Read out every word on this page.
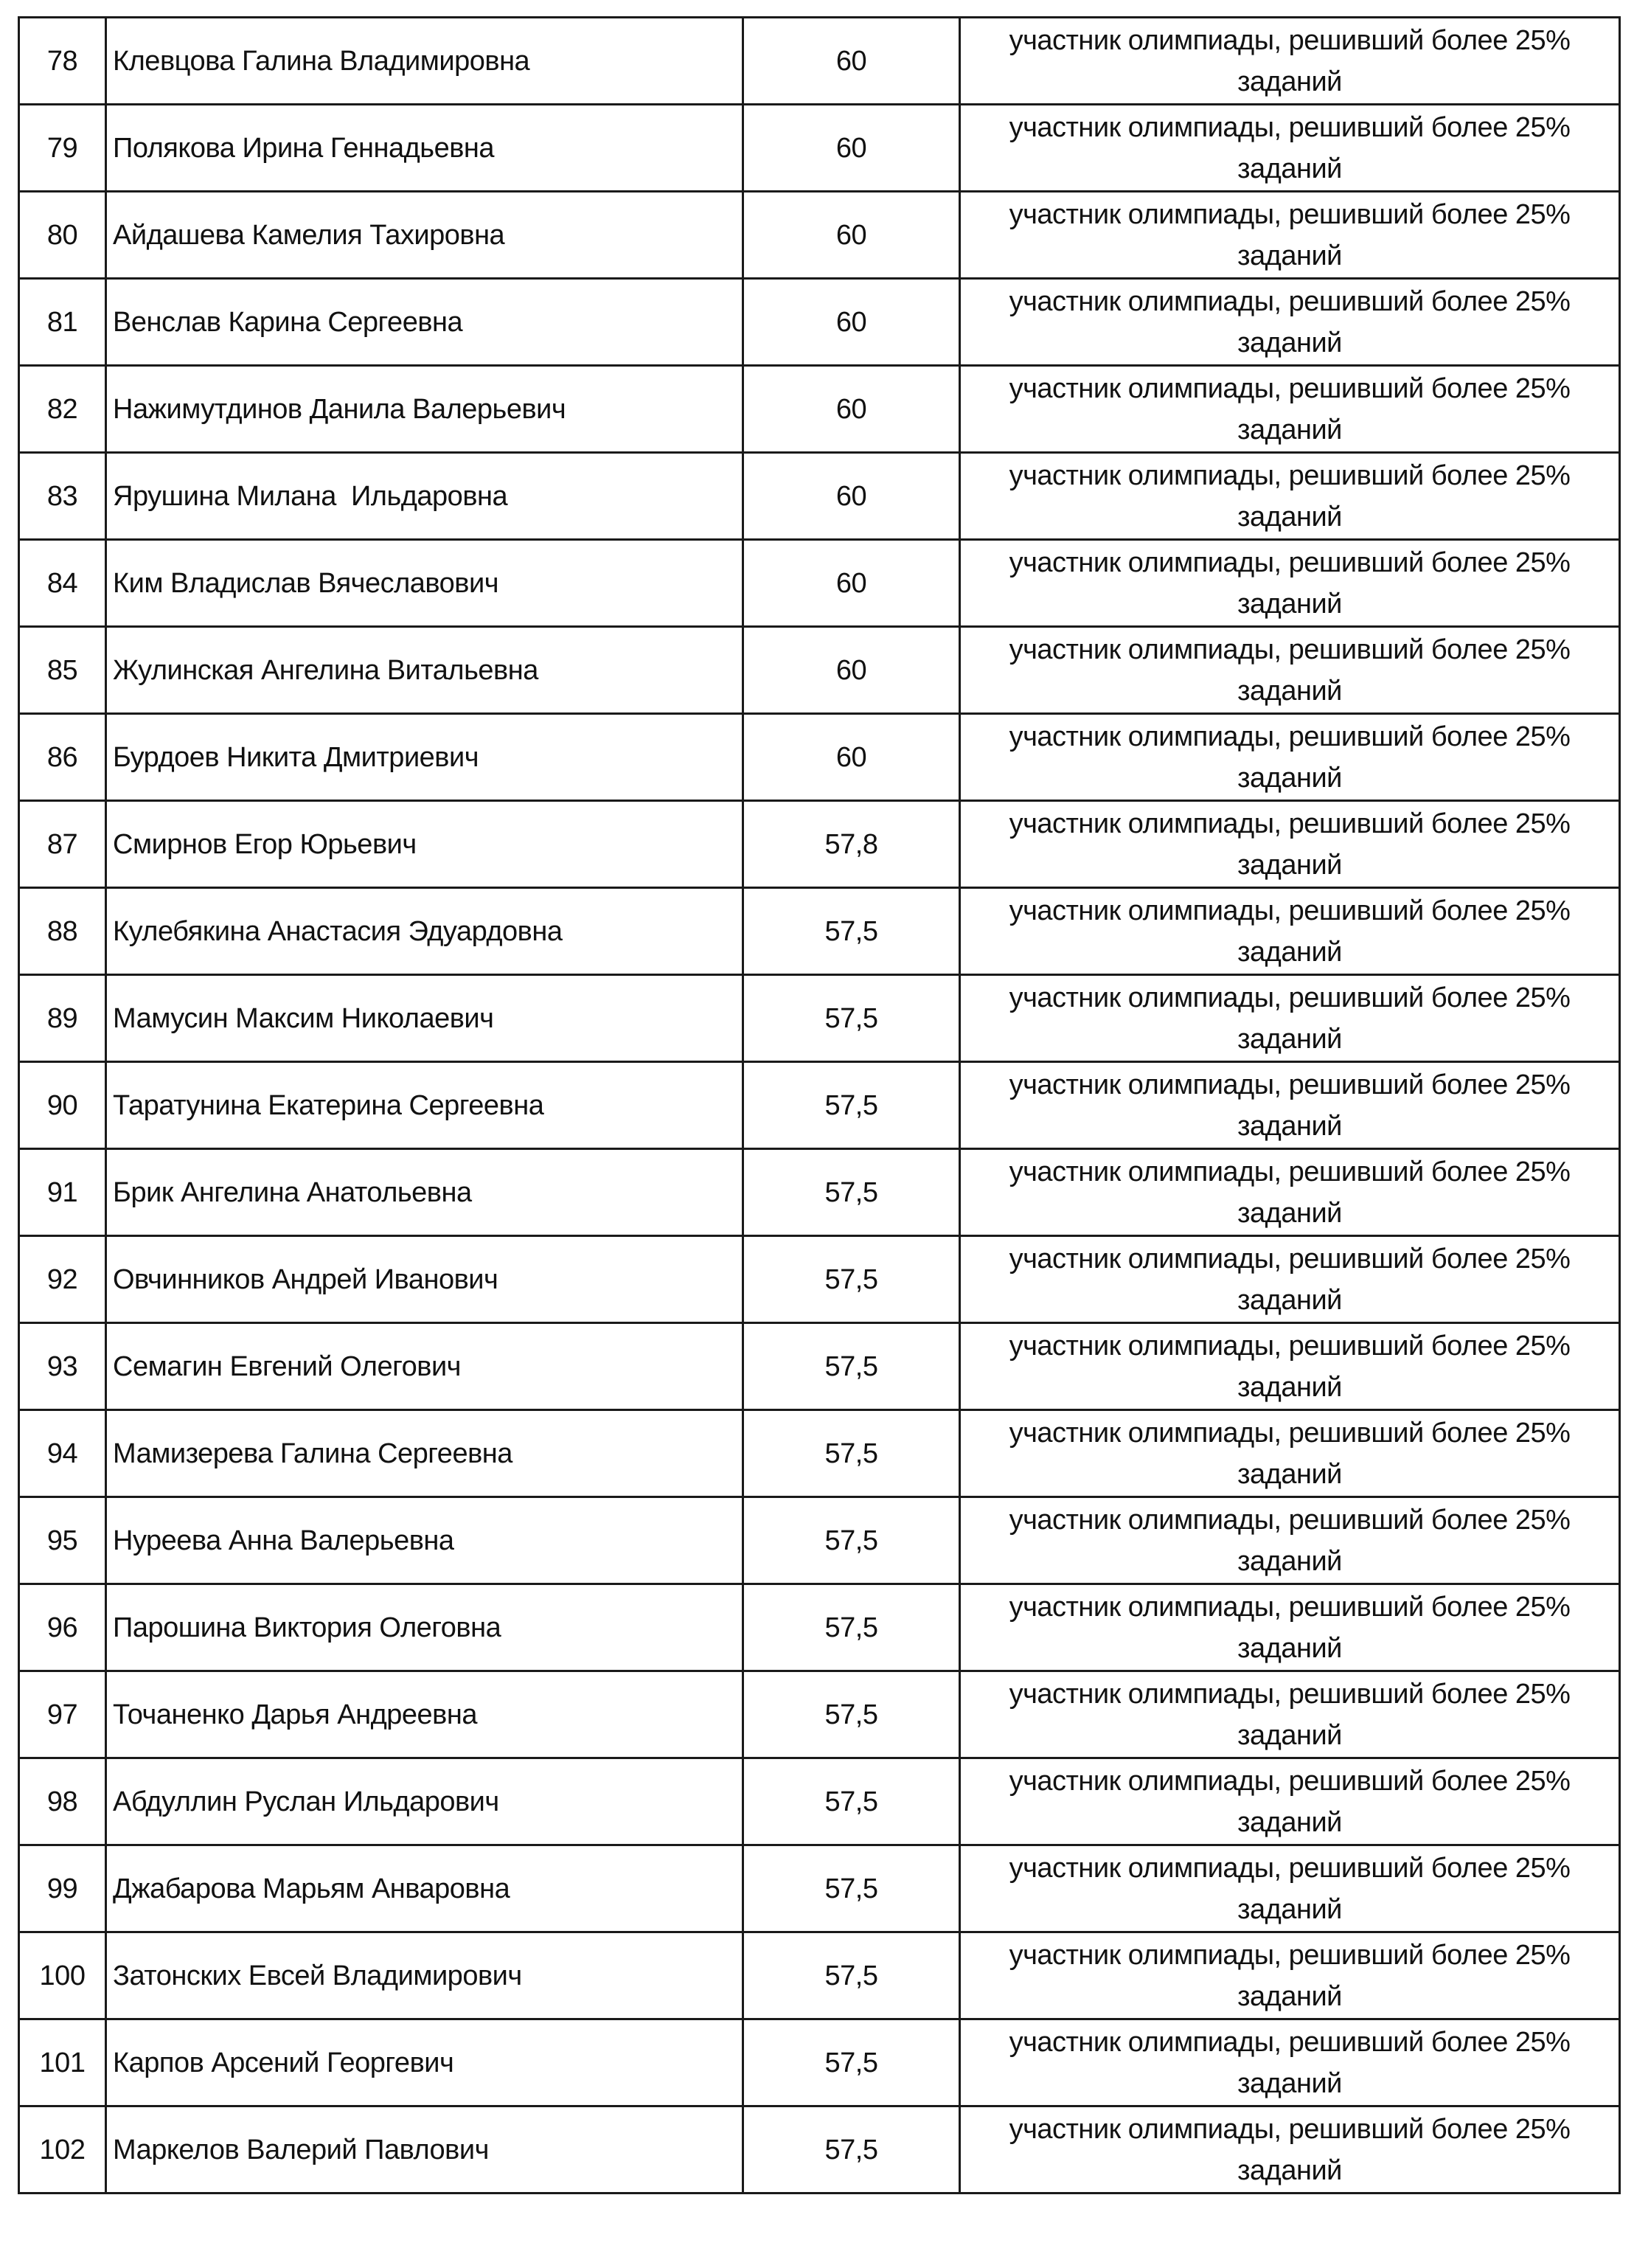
78	Клевцова Галина Владимировна	60	участник олимпиады, решивший более 25%
заданий

79	Полякова Ирина Геннадьевна	60	участник олимпиады, решивший более 25%
заданий

80	Айдашева Камелия Тахировна	60	участник олимпиады, решивший более 25%
заданий

81	Венслав Карина Сергеевна	60	участник олимпиады, решивший более 25%
заданий

82	Нажимутдинов Данила Валерьевич	60	участник олимпиады, решивший более 25%
заданий

83	Ярушина Милана  Ильдаровна	60	участник олимпиады, решивший более 25%
заданий

84	Ким Владислав Вячеславович	60	участник олимпиады, решивший более 25%
заданий

85	Жулинская Ангелина Витальевна	60	участник олимпиады, решивший более 25%
заданий

86	Бурдоев Никита Дмитриевич	60	участник олимпиады, решивший более 25%
заданий

87	Смирнов Егор Юрьевич	57,8	участник олимпиады, решивший более 25%
заданий

88	Кулебякина Анастасия Эдуардовна	57,5	участник олимпиады, решивший более 25%
заданий

89	Мамусин Максим Николаевич	57,5	участник олимпиады, решивший более 25%
заданий

90	Таратунина Екатерина Сергеевна	57,5	участник олимпиады, решивший более 25%
заданий

91	Брик Ангелина Анатольевна	57,5	участник олимпиады, решивший более 25%
заданий

92	Овчинников Андрей Иванович	57,5	участник олимпиады, решивший более 25%
заданий

93	Семагин Евгений Олегович	57,5	участник олимпиады, решивший более 25%
заданий

94	Мамизерева Галина Сергеевна	57,5	участник олимпиады, решивший более 25%
заданий

95	Нуреева Анна Валерьевна	57,5	участник олимпиады, решивший более 25%
заданий

96	Парошина Виктория Олеговна	57,5	участник олимпиады, решивший более 25%
заданий

97	Точаненко Дарья Андреевна	57,5	участник олимпиады, решивший более 25%
заданий

98	Абдуллин Руслан Ильдарович	57,5	участник олимпиады, решивший более 25%
заданий

99	Джабарова Марьям Анваровна	57,5	участник олимпиады, решивший более 25%
заданий

100	Затонских Евсей Владимирович	57,5	участник олимпиады, решивший более 25%
заданий

101	Карпов Арсений Георгевич	57,5	участник олимпиады, решивший более 25%
заданий

102	Маркелов Валерий Павлович	57,5	участник олимпиады, решивший более 25%
заданий
